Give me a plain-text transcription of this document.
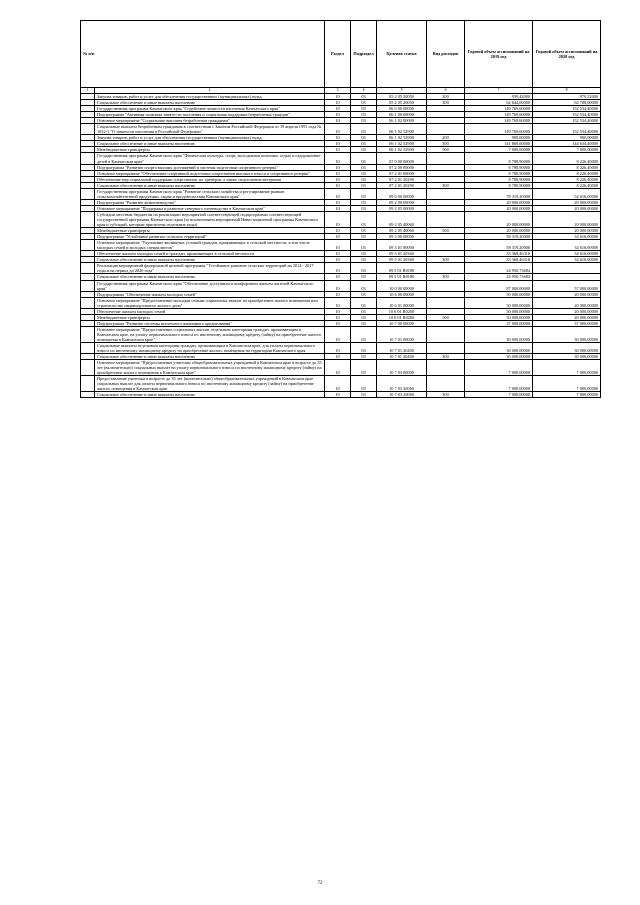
№ п/п		Раздел	Подраздел	Целевая статья	Вид расходов	Годовой объем ассигнований на 2019 год	Годовой объем ассигнований на 2020 год
1	2	3	4	5	6	7	8
	Закупка товаров, работ и услуг для обеспечения государственных (муниципальных) нужд	10	03	05 2 05 20050	200	939,42000	970,52000
	Социальное обеспечение и иные выплаты населению	10	03	05 2 05 20050	300	62 644,00000	64 780,00000
	Государственная программа Камчатского края "Содействие занятости населения Камчатского края"	10	03	06 0 00 00000		149 769,60000	152 534,40000
	Подпрограмма "Активная политика занятости населения и социальная поддержка безработных граждан"	10	03	06 1 00 00000		149 769,60000	152 534,40000
	Основное мероприятие "Социальные выплаты безработным гражданам"	10	03	06 1 02 00000		149 769,60000	152 534,40000
	Социальные выплаты безработным гражданам в соответствии с Законом Российской Федерации от 19 апреля 1991 года № 1032-1 "О занятости населения в Российской Федерации"	10	03	06 1 02 52900		149 769,60000	152 534,40000
	Закупка товаров, работ и услуг для обеспечения государственных (муниципальных) нужд	10	03	06 1 02 52900	200	900,00000	900,00000
	Социальное обеспечение и иные выплаты населению	10	03	06 1 02 52900	300	141 869,60000	144 634,40000
	Межбюджетные трансферты	10	03	06 1 02 52900	500	7 000,00000	7 000,00000
	Государственная программа Камчатского края "Физическая культура, спорт, молодежная политика, отдых и оздоровление детей в Камчатском крае"	10	03	07 0 00 00000		8 788,90000	8 226,40000
	Подпрограмма "Развитие спорта высших достижений и системы подготовки спортивного резерва"	10	03	07 2 00 00000		8 788,90000	8 226,40000
	Основное мероприятие "Обеспечение спортивной подготовки спортсменов высокого класса и спортивного резерва"	10	03	07 2 01 00000		8 788,90000	8 226,40000
	Обеспечение мер социальной поддержки спортсменов, их тренеров, а также спортсменов-ветеранов	10	03	07 2 01 20290		8 788,90000	8 226,40000
	Социальное обеспечение и иные выплаты населению	10	03	07 2 01 20290	300	8 788,90000	8 226,40000
	Государственная программа Камчатского края "Развитие сельского хозяйства и регулирование рынков сельскохозяйственной продукции, сырья и продовольствия Камчатского края"	10	03	09 0 00 00000		78 319,20000	54 616,00000
	Подпрограмма "Развитие животноводства"	10	03	09 2 00 00000		20 000,00000	20 000,00000
	Основное мероприятие "Поддержка и развитие северного оленеводства в Камчатском крае"	10	03	09 2 05 00000		20 000,00000	20 000,00000
	Субсидии местным бюджетам на реализацию мероприятий соответствующей подпрограммы соответствующей государственной программы Камчатского края (за исключением мероприятий Инвестиционной программы Камчатского края и субсидий, которым присвоены отдельные коды)	10	03	09 2 05 40060		20 000,00000	20 000,00000
	Межбюджетные трансферты	10	03	09 2 05 40060	500	20 000,00000	20 000,00000
	Подпрограмма "Устойчивое развитие сельских территорий"	10	03	09 5 00 00000		58 319,20000	34 616,00000
	Основное мероприятие "Улучшение жилищных условий граждан, проживающих в сельской местности, в том числе молодых семей и молодых специалистов"	10	03	09 5 01 00000		58 319,20000	34 616,00000
	Обеспечение жильем молодых семей и граждан, проживающих в сельской местности	10	03	09 5 01 20360		33 368,46316	34 616,00000
	Социальное обеспечение и иные выплаты населению	10	03	09 5 01 20360	300	33 368,46316	34 616,00000
	Реализация мероприятий федеральной целевой программы "Устойчивое развитие сельских территорий на 2014 - 2017 годы и на период до 2020 года"	10	03	09 5 01 R0180		24 950,73684	
	Социальное обеспечение и иные выплаты населению	10	03	09 5 01 R0180	300	24 950,73684	
	Государственная программа Камчатского края "Обеспечение доступным и комфортным жильем жителей Камчатского края"	10	03	10 0 00 00000		87 000,00000	57 000,00000
	Подпрограмма "Обеспечение жильем молодых семей"	10	03	10 6 00 00000		50 000,00000	20 000,00000
	Основное мероприятие "Предоставление молодым семьям социальных выплат на приобретение жилого помещения или строительство индивидуального жилого дома"	10	03	10 6 01 00000		50 000,00000	20 000,00000
	Обеспечение жильем молодых семей	10	03	10 6 01 R0200		50 000,00000	20 000,00000
	Межбюджетные трансферты	10	03	10 6 01 R0200	500	50 000,00000	20 000,00000
	Подпрограмма "Развитие системы ипотечного жилищного кредитования"	10	03	10 7 00 00000		37 000,00000	37 000,00000
	Основное мероприятие "Предоставление социальных выплат отдельным категориям граждан, проживающим в Камчатском крае, на уплату первоначального взноса по ипотечному жилищному кредиту (займу) на приобретение жилого помещения в Камчатском крае"	10	03	10 7 01 00000		30 000,00000	30 000,00000
	Социальные выплаты отдельным категориям граждан, проживающим в Камчатском крае, для уплаты первоначального взноса по ипотечному жилищному кредиту на приобретение жилого помещения на территории Камчатского края	10	03	10 7 01 20400		30 000,00000	30 000,00000
	Социальное обеспечение и иные выплаты населению	10	03	10 7 01 20400	300	30 000,00000	30 000,00000
	Основное мероприятие "Предоставление учителям общеобразовательных учреждений в Камчатском крае в возрасте до 35 лет (включительно) социальных выплат на уплату первоначального взноса по ипотечному жилищному кредиту (займу) на приобретение жилого помещения в Камчатском крае"	10	03	10 7 03 00000		7 000,00000	7 000,00000
	Предоставление учителям в возрасте до 35 лет (включительно) общеобразовательных учреждений в Камчатском крае социальных выплат для оплаты первоначального взноса по ипотечному жилищному кредиту (займу) на приобретение жилого помещения в Камчатском крае	10	03	10 7 03 20060		7 000,00000	7 000,00000
	Социальное обеспечение и иные выплаты населению	10	03	10 7 03 20060	300	7 000,00000	7 000,00000
72
